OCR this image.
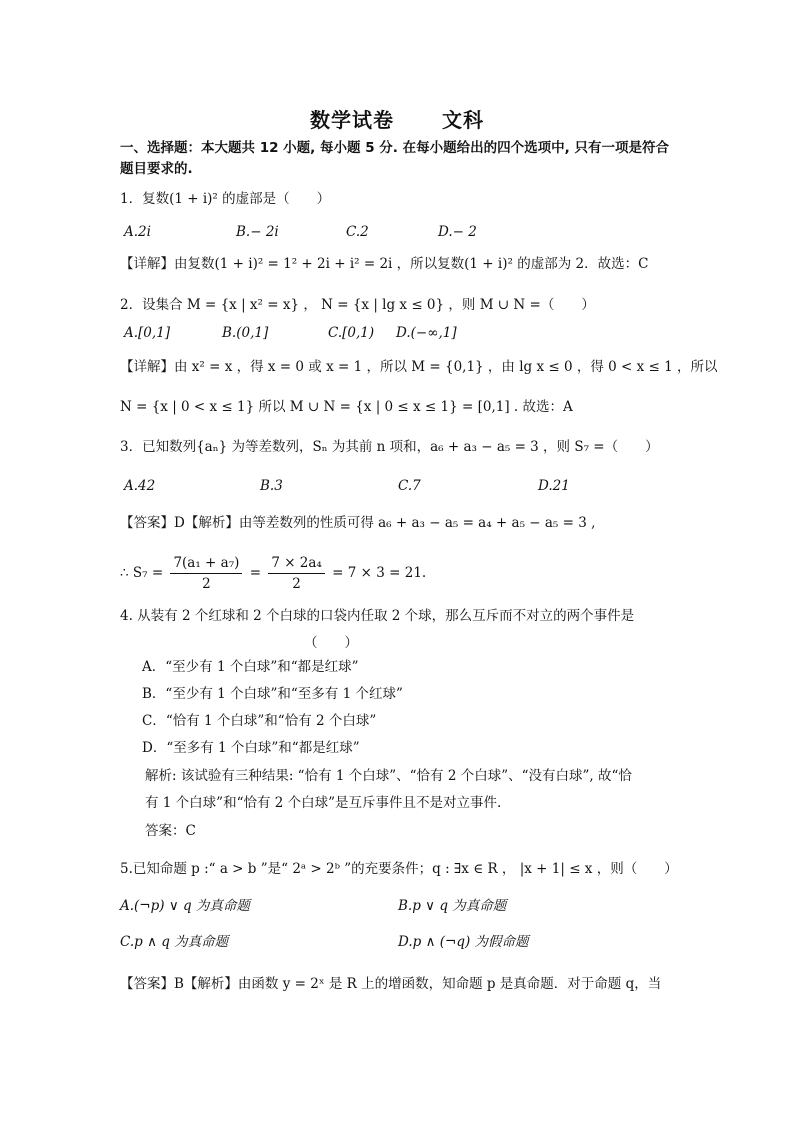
数学试卷 文科
一、选择题：本大题共 12 小题, 每小题 5 分. 在每小题给出的四个选项中, 只有一项是符合
题目要求的.
1．复数(1 + i)² 的虚部是（　　）
A.2i	B.− 2i	C.2	D.− 2
【详解】由复数(1 + i)² = 1² + 2i + i² = 2i ，所以复数(1 + i)² 的虚部为 2．故选：C
2．设集合 M = {x | x² = x} ， N = {x | lg x ≤ 0} ，则 M ∪ N =（　　）
A.[0,1]	B.(0,1]	C.[0,1) D.(−∞,1]
【详解】由 x² = x ，得 x = 0 或 x = 1 ，所以 M = {0,1} ，由 lg x ≤ 0 ，得 0 < x ≤ 1 ，所以
N = {x | 0 < x ≤ 1} 所以 M ∪ N = {x | 0 ≤ x ≤ 1} = [0,1] . 故选：A
3．已知数列{aₙ} 为等差数列，Sₙ 为其前 n 项和，a₆ + a₃ − a₅ = 3 ，则 S₇ =（　　）
A.42	B.3	C.7	D.21
【答案】D【解析】由等差数列的性质可得 a₆ + a₃ − a₅ = a₄ + a₅ − a₅ = 3 ,
∴ $S_7 = \frac{\text{7(a₁ + a₇)}}{2} = \frac{\text{7 × 2a₄}}{2} = 7 \times 3 = 21$.
4. 从装有 2 个红球和 2 个白球的口袋内任取 2 个球，那么互斥而不对立的两个事件是
（　　）
A．“至少有 1 个白球”和“都是红球”
B．“至少有 1 个白球”和“至多有 1 个红球”
C．“恰有 1 个白球”和“恰有 2 个白球”
D．“至多有 1 个白球”和“都是红球”
解析: 该试验有三种结果: “恰有 1 个白球”、“恰有 2 个白球”、“没有白球”, 故“恰
有 1 个白球”和“恰有 2 个白球”是互斥事件且不是对立事件.
答案：C
5.已知命题 p :“ a > b ”是“ 2ᵃ > 2ᵇ ”的充要条件；q : ∃x ∈ R ， |x + 1| ≤ x ，则（　　）
A.(¬p) ∨ q 为真命题	B.p ∨ q 为真命题
C.p ∧ q 为真命题	D.p ∧ (¬q) 为假命题
【答案】B【解析】由函数 y = 2ˣ 是 R 上的增函数，知命题 p 是真命题．对于命题 q，当
